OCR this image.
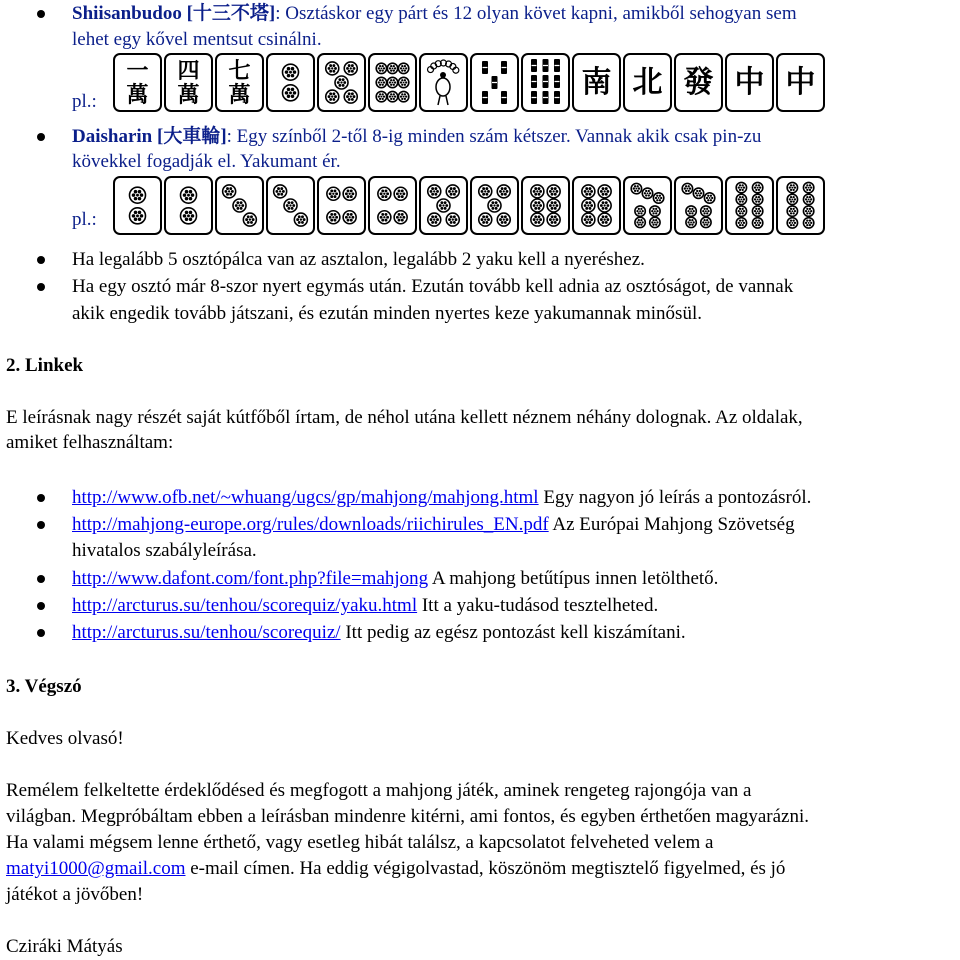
Shiisanbudoo [十三不塔]: Osztáskor egy párt és 12 olyan követ kapni, amikből sehogyan sem
lehet egy kővel mentsut csinálni.
pl.:
一
萬
四
萬
七
萬	南 北 發 中 中
Daisharin [大車輪]: Egy színből 2-től 8-ig minden szám kétszer. Vannak akik csak pin-zu
kövekkel fogadják el. Yakumant ér.
pl.:
Ha legalább 5 osztópálca van az asztalon, legalább 2 yaku kell a nyeréshez.
Ha egy osztó már 8-szor nyert egymás után. Ezután tovább kell adnia az osztóságot, de vannak
akik engedik tovább játszani, és ezután minden nyertes keze yakumannak minősül.
2. Linkek
E leírásnak nagy részét saját kútfőből írtam, de néhol utána kellett néznem néhány dolognak. Az oldalak,
amiket felhasználtam:
http://www.ofb.net/~whuang/ugcs/gp/mahjong/mahjong.html Egy nagyon jó leírás a pontozásról.
http://mahjong-europe.org/rules/downloads/riichirules_EN.pdf Az Európai Mahjong Szövetség
hivatalos szabályleírása.
http://www.dafont.com/font.php?file=mahjong A mahjong betűtípus innen letölthető.
http://arcturus.su/tenhou/scorequiz/yaku.html Itt a yaku-tudásod tesztelheted.
http://arcturus.su/tenhou/scorequiz/ Itt pedig az egész pontozást kell kiszámítani.
3. Végszó
Kedves olvasó!
Remélem felkeltette érdeklődésed és megfogott a mahjong játék, aminek rengeteg rajongója van a
világban. Megpróbáltam ebben a leírásban mindenre kitérni, ami fontos, és egyben érthetően magyarázni.
Ha valami mégsem lenne érthető, vagy esetleg hibát találsz, a kapcsolatot felveheted velem a
matyi1000@gmail.com e-mail címen. Ha eddig végigolvastad, köszönöm megtisztelő figyelmed, és jó
játékot a jövőben!
Cziráki Mátyás
